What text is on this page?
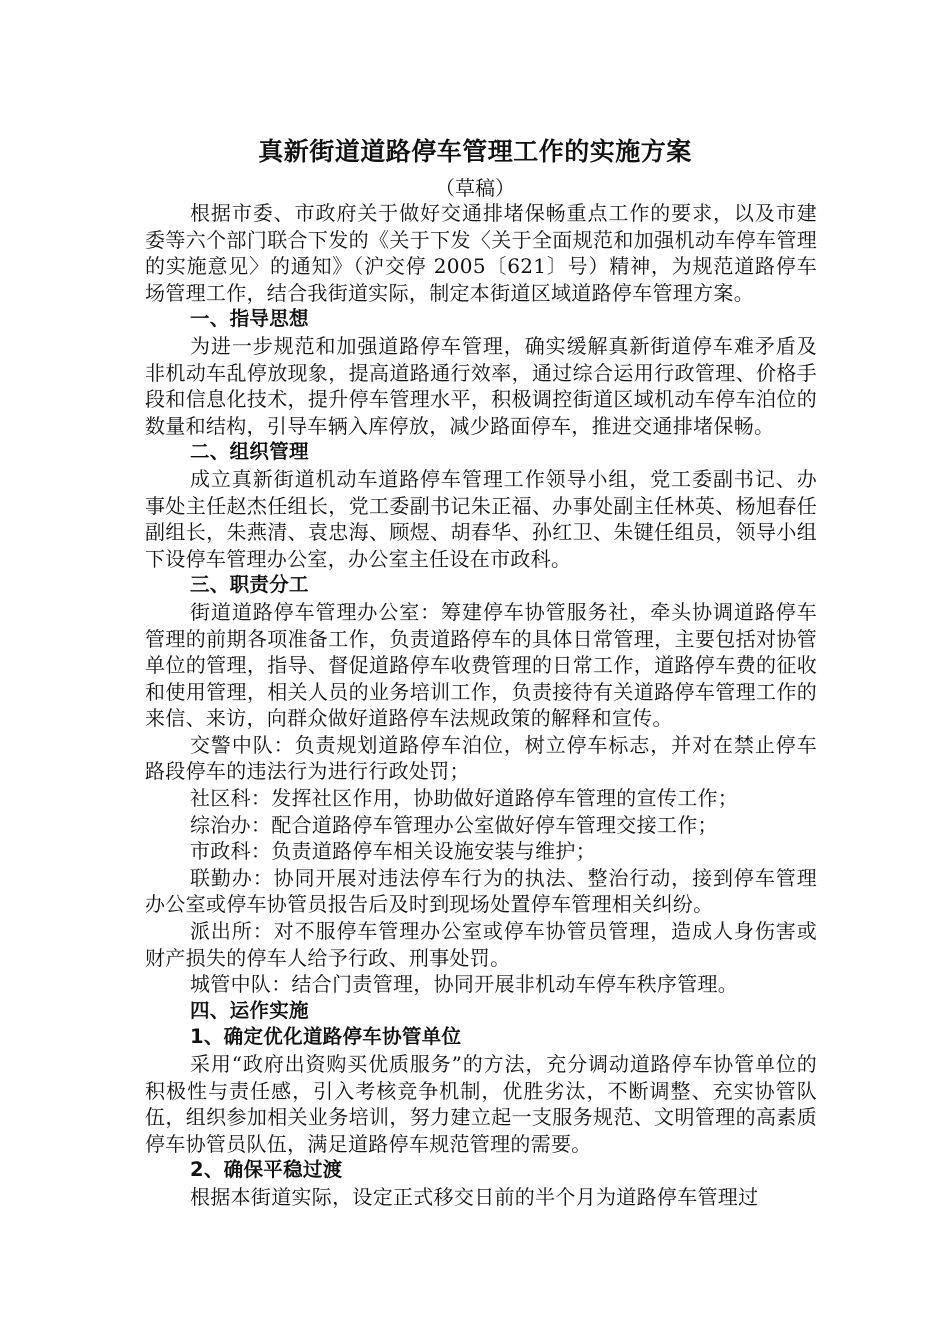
真新街道道路停车管理工作的实施方案
（草稿）

根据市委、市政府关于做好交通排堵保畅重点工作的要求，以及市建委等六个部门联合下发的《关于下发〈关于全面规范和加强机动车停车管理的实施意见〉的通知》（沪交停 2005〔621〕号）精神，为规范道路停车场管理工作，结合我街道实际，制定本街道区域道路停车管理方案。

一、指导思想

为进一步规范和加强道路停车管理，确实缓解真新街道停车难矛盾及非机动车乱停放现象，提高道路通行效率，通过综合运用行政管理、价格手段和信息化技术，提升停车管理水平，积极调控街道区域机动车停车泊位的数量和结构，引导车辆入库停放，减少路面停车，推进交通排堵保畅。

二、组织管理

成立真新街道机动车道路停车管理工作领导小组，党工委副书记、办事处主任赵杰任组长，党工委副书记朱正福、办事处副主任林英、杨旭春任副组长，朱燕清、袁忠海、顾煜、胡春华、孙红卫、朱键任组员，领导小组下设停车管理办公室，办公室主任设在市政科。

三、职责分工

街道道路停车管理办公室：筹建停车协管服务社，牵头协调道路停车管理的前期各项准备工作，负责道路停车的具体日常管理，主要包括对协管单位的管理，指导、督促道路停车收费管理的日常工作，道路停车费的征收和使用管理，相关人员的业务培训工作，负责接待有关道路停车管理工作的来信、来访，向群众做好道路停车法规政策的解释和宣传。

交警中队：负责规划道路停车泊位，树立停车标志，并对在禁止停车路段停车的违法行为进行行政处罚；

社区科：发挥社区作用，协助做好道路停车管理的宣传工作；

综治办：配合道路停车管理办公室做好停车管理交接工作；

市政科：负责道路停车相关设施安装与维护；

联勤办：协同开展对违法停车行为的执法、整治行动，接到停车管理办公室或停车协管员报告后及时到现场处置停车管理相关纠纷。

派出所：对不服停车管理办公室或停车协管员管理，造成人身伤害或财产损失的停车人给予行政、刑事处罚。

城管中队：结合门责管理，协同开展非机动车停车秩序管理。

四、运作实施

1、确定优化道路停车协管单位

采用“政府出资购买优质服务”的方法，充分调动道路停车协管单位的积极性与责任感，引入考核竞争机制，优胜劣汰，不断调整、充实协管队伍，组织参加相关业务培训，努力建立起一支服务规范、文明管理的高素质停车协管员队伍，满足道路停车规范管理的需要。

2、确保平稳过渡

根据本街道实际，设定正式移交日前的半个月为道路停车管理过
